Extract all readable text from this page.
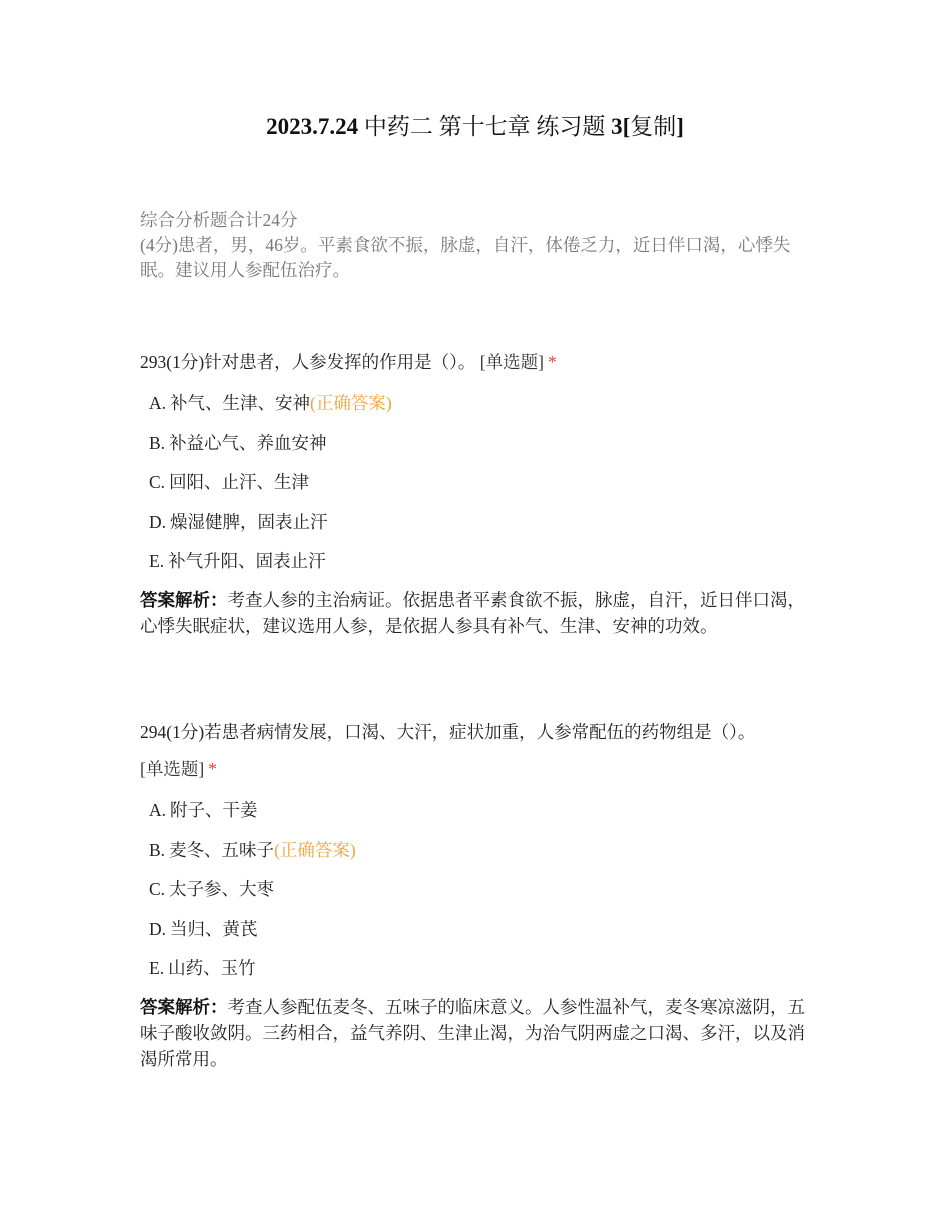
2023.7.24 中药二 第十七章 练习题 3[复制]
综合分析题合计24分
(4分)患者，男，46岁。平素食欲不振，脉虚，自汗，体倦乏力，近日伴口渴，心悸失眠。建议用人参配伍治疗。
293(1分)针对患者，人参发挥的作用是（）。 [单选题] *
A. 补气、生津、安神(正确答案)
B. 补益心气、养血安神
C. 回阳、止汗、生津
D. 燥湿健脾，固表止汗
E. 补气升阳、固表止汗
答案解析：考查人参的主治病证。依据患者平素食欲不振，脉虚，自汗，近日伴口渴，心悸失眠症状，建议选用人参，是依据人参具有补气、生津、安神的功效。
294(1分)若患者病情发展，口渴、大汗，症状加重，人参常配伍的药物组是（）。
[单选题] *
A. 附子、干姜
B. 麦冬、五味子(正确答案)
C. 太子参、大枣
D. 当归、黄芪
E. 山药、玉竹
答案解析：考查人参配伍麦冬、五味子的临床意义。人参性温补气，麦冬寒凉滋阴，五味子酸收敛阴。三药相合，益气养阴、生津止渴，为治气阴两虚之口渴、多汗，以及消渴所常用。
